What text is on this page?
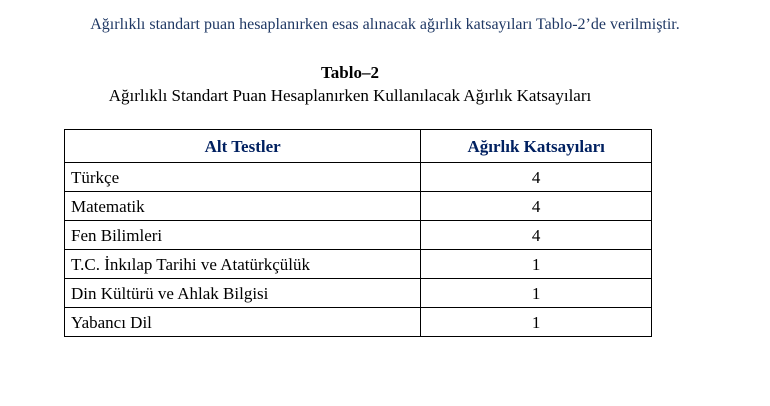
Ağırlıklı standart puan hesaplanırken esas alınacak ağırlık katsayıları Tablo-2’de verilmiştir.
Tablo–2
Ağırlıklı Standart Puan Hesaplanırken Kullanılacak Ağırlık Katsayıları
Alt Testler	Ağırlık Katsayıları
Türkçe	4
Matematik	4
Fen Bilimleri	4
T.C. İnkılap Tarihi ve Atatürkçülük	1
Din Kültürü ve Ahlak Bilgisi	1
Yabancı Dil	1
